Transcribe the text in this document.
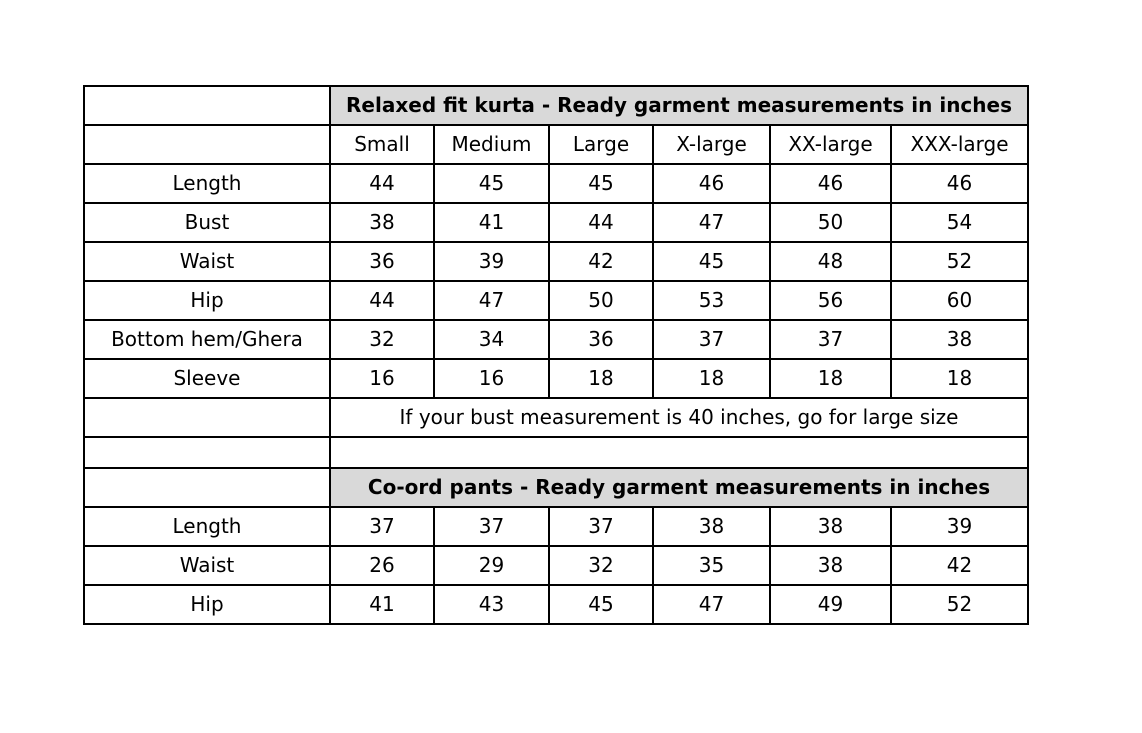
	Relaxed fit kurta - Ready garment measurements in inches					
	Small	Medium	Large	X-large	XX-large	XXX-large
Length	44	45	45	46	46	46
Bust	38	41	44	47	50	54
Waist	36	39	42	45	48	52
Hip	44	47	50	53	56	60
Bottom hem/Ghera	32	34	36	37	37	38
Sleeve	16	16	18	18	18	18
	If your bust measurement is 40 inches, go for large size					

	Co-ord pants - Ready garment measurements in inches					
Length	37	37	37	38	38	39
Waist	26	29	32	35	38	42
Hip	41	43	45	47	49	52
